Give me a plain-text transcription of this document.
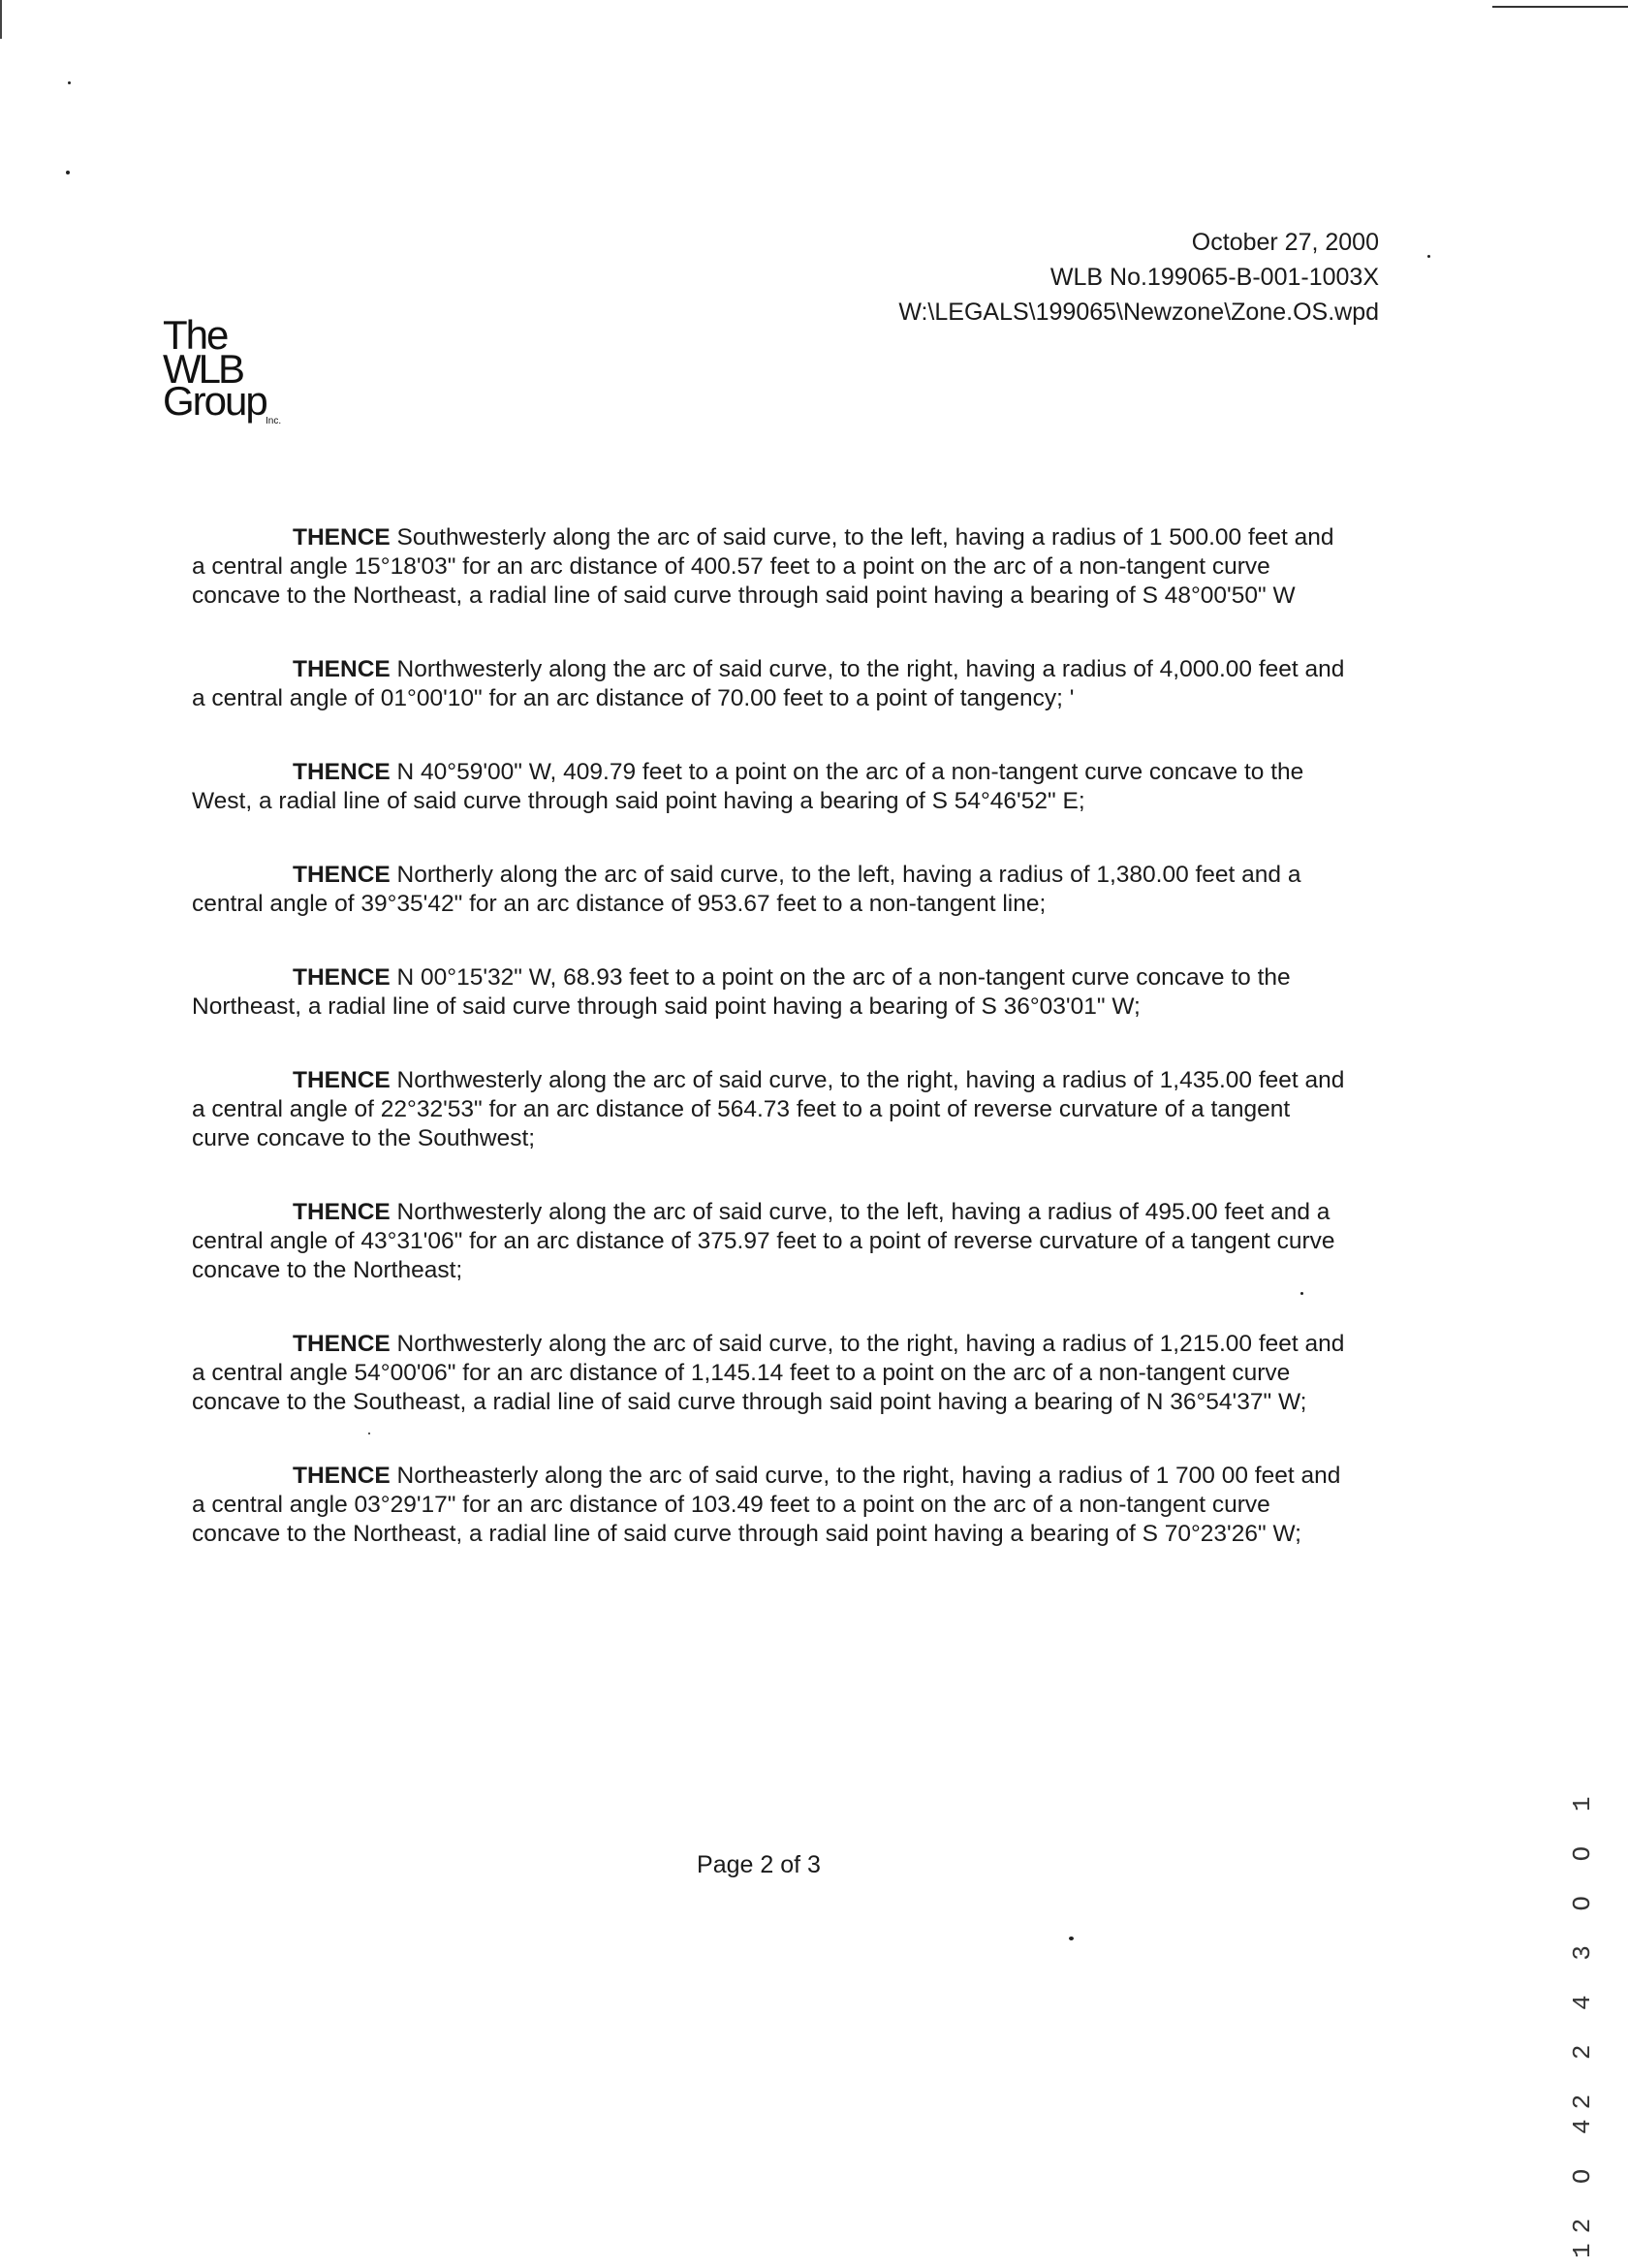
October 27, 2000
WLB No.199065-B-001-1003X
W:\LEGALS\199065\Newzone\Zone.OS.wpd
The
WLB
Group Inc.

THENCE Southwesterly along the arc of said curve, to the left, having a radius of 1 500.00 feet and a central angle 15°18'03" for an arc distance of 400.57 feet to a point on the arc of a non-tangent curve concave to the Northeast, a radial line of said curve through said point having a bearing of S 48°00'50" W

THENCE Northwesterly along the arc of said curve, to the right, having a radius of 4,000.00 feet and a central angle of 01°00'10" for an arc distance of 70.00 feet to a point of tangency; '

THENCE N 40°59'00" W, 409.79 feet to a point on the arc of a non-tangent curve concave to the West, a radial line of said curve through said point having a bearing of S 54°46'52" E;

THENCE Northerly along the arc of said curve, to the left, having a radius of 1,380.00 feet and a central angle of 39°35'42" for an arc distance of 953.67 feet to a non-tangent line;

THENCE N 00°15'32" W, 68.93 feet to a point on the arc of a non-tangent curve concave to the Northeast, a radial line of said curve through said point having a bearing of S 36°03'01" W;

THENCE Northwesterly along the arc of said curve, to the right, having a radius of 1,435.00 feet and a central angle of 22°32'53" for an arc distance of 564.73 feet to a point of reverse curvature of a tangent curve concave to the Southwest;

THENCE Northwesterly along the arc of said curve, to the left, having a radius of 495.00 feet and a central angle of 43°31'06" for an arc distance of 375.97 feet to a point of reverse curvature of a tangent curve concave to the Northeast;

THENCE Northwesterly along the arc of said curve, to the right, having a radius of 1,215.00 feet and a central angle 54°00'06" for an arc distance of 1,145.14 feet to a point on the arc of a non-tangent curve concave to the Southeast, a radial line of said curve through said point having a bearing of N 36°54'37" W;

THENCE Northeasterly along the arc of said curve, to the right, having a radius of 1 700 00 feet and a central angle 03°29'17" for an arc distance of 103.49 feet to a point on the arc of a non-tangent curve concave to the Northeast, a radial line of said curve through said point having a bearing of S 70°23'26" W;

Page 2 of 3	12 O 42 2 4 3 O O 1
